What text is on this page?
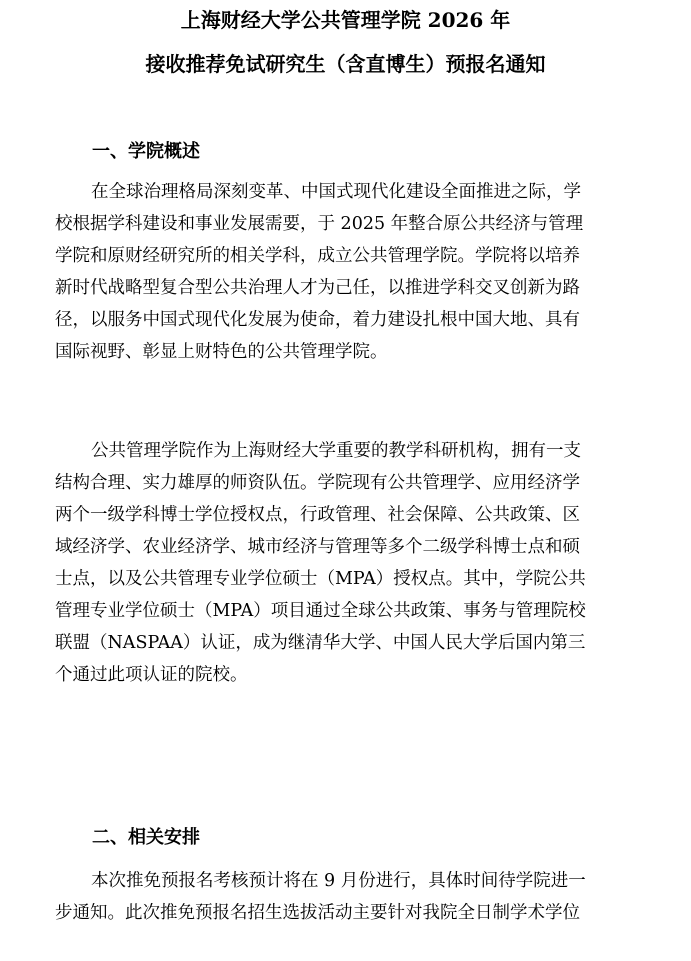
上海财经大学公共管理学院 2026 年
接收推荐免试研究生（含直博生）预报名通知
一、学院概述
在全球治理格局深刻变革、中国式现代化建设全面推进之际，学
校根据学科建设和事业发展需要，于 2025 年整合原公共经济与管理
学院和原财经研究所的相关学科，成立公共管理学院。学院将以培养
新时代战略型复合型公共治理人才为己任，以推进学科交叉创新为路
径，以服务中国式现代化发展为使命，着力建设扎根中国大地、具有
国际视野、彰显上财特色的公共管理学院。
公共管理学院作为上海财经大学重要的教学科研机构，拥有一支
结构合理、实力雄厚的师资队伍。学院现有公共管理学、应用经济学
两个一级学科博士学位授权点，行政管理、社会保障、公共政策、区
域经济学、农业经济学、城市经济与管理等多个二级学科博士点和硕
士点，以及公共管理专业学位硕士（MPA）授权点。其中，学院公共
管理专业学位硕士（MPA）项目通过全球公共政策、事务与管理院校
联盟（NASPAA）认证，成为继清华大学、中国人民大学后国内第三
个通过此项认证的院校。
二、相关安排
本次推免预报名考核预计将在 9 月份进行，具体时间待学院进一
步通知。此次推免预报名招生选拔活动主要针对我院全日制学术学位
